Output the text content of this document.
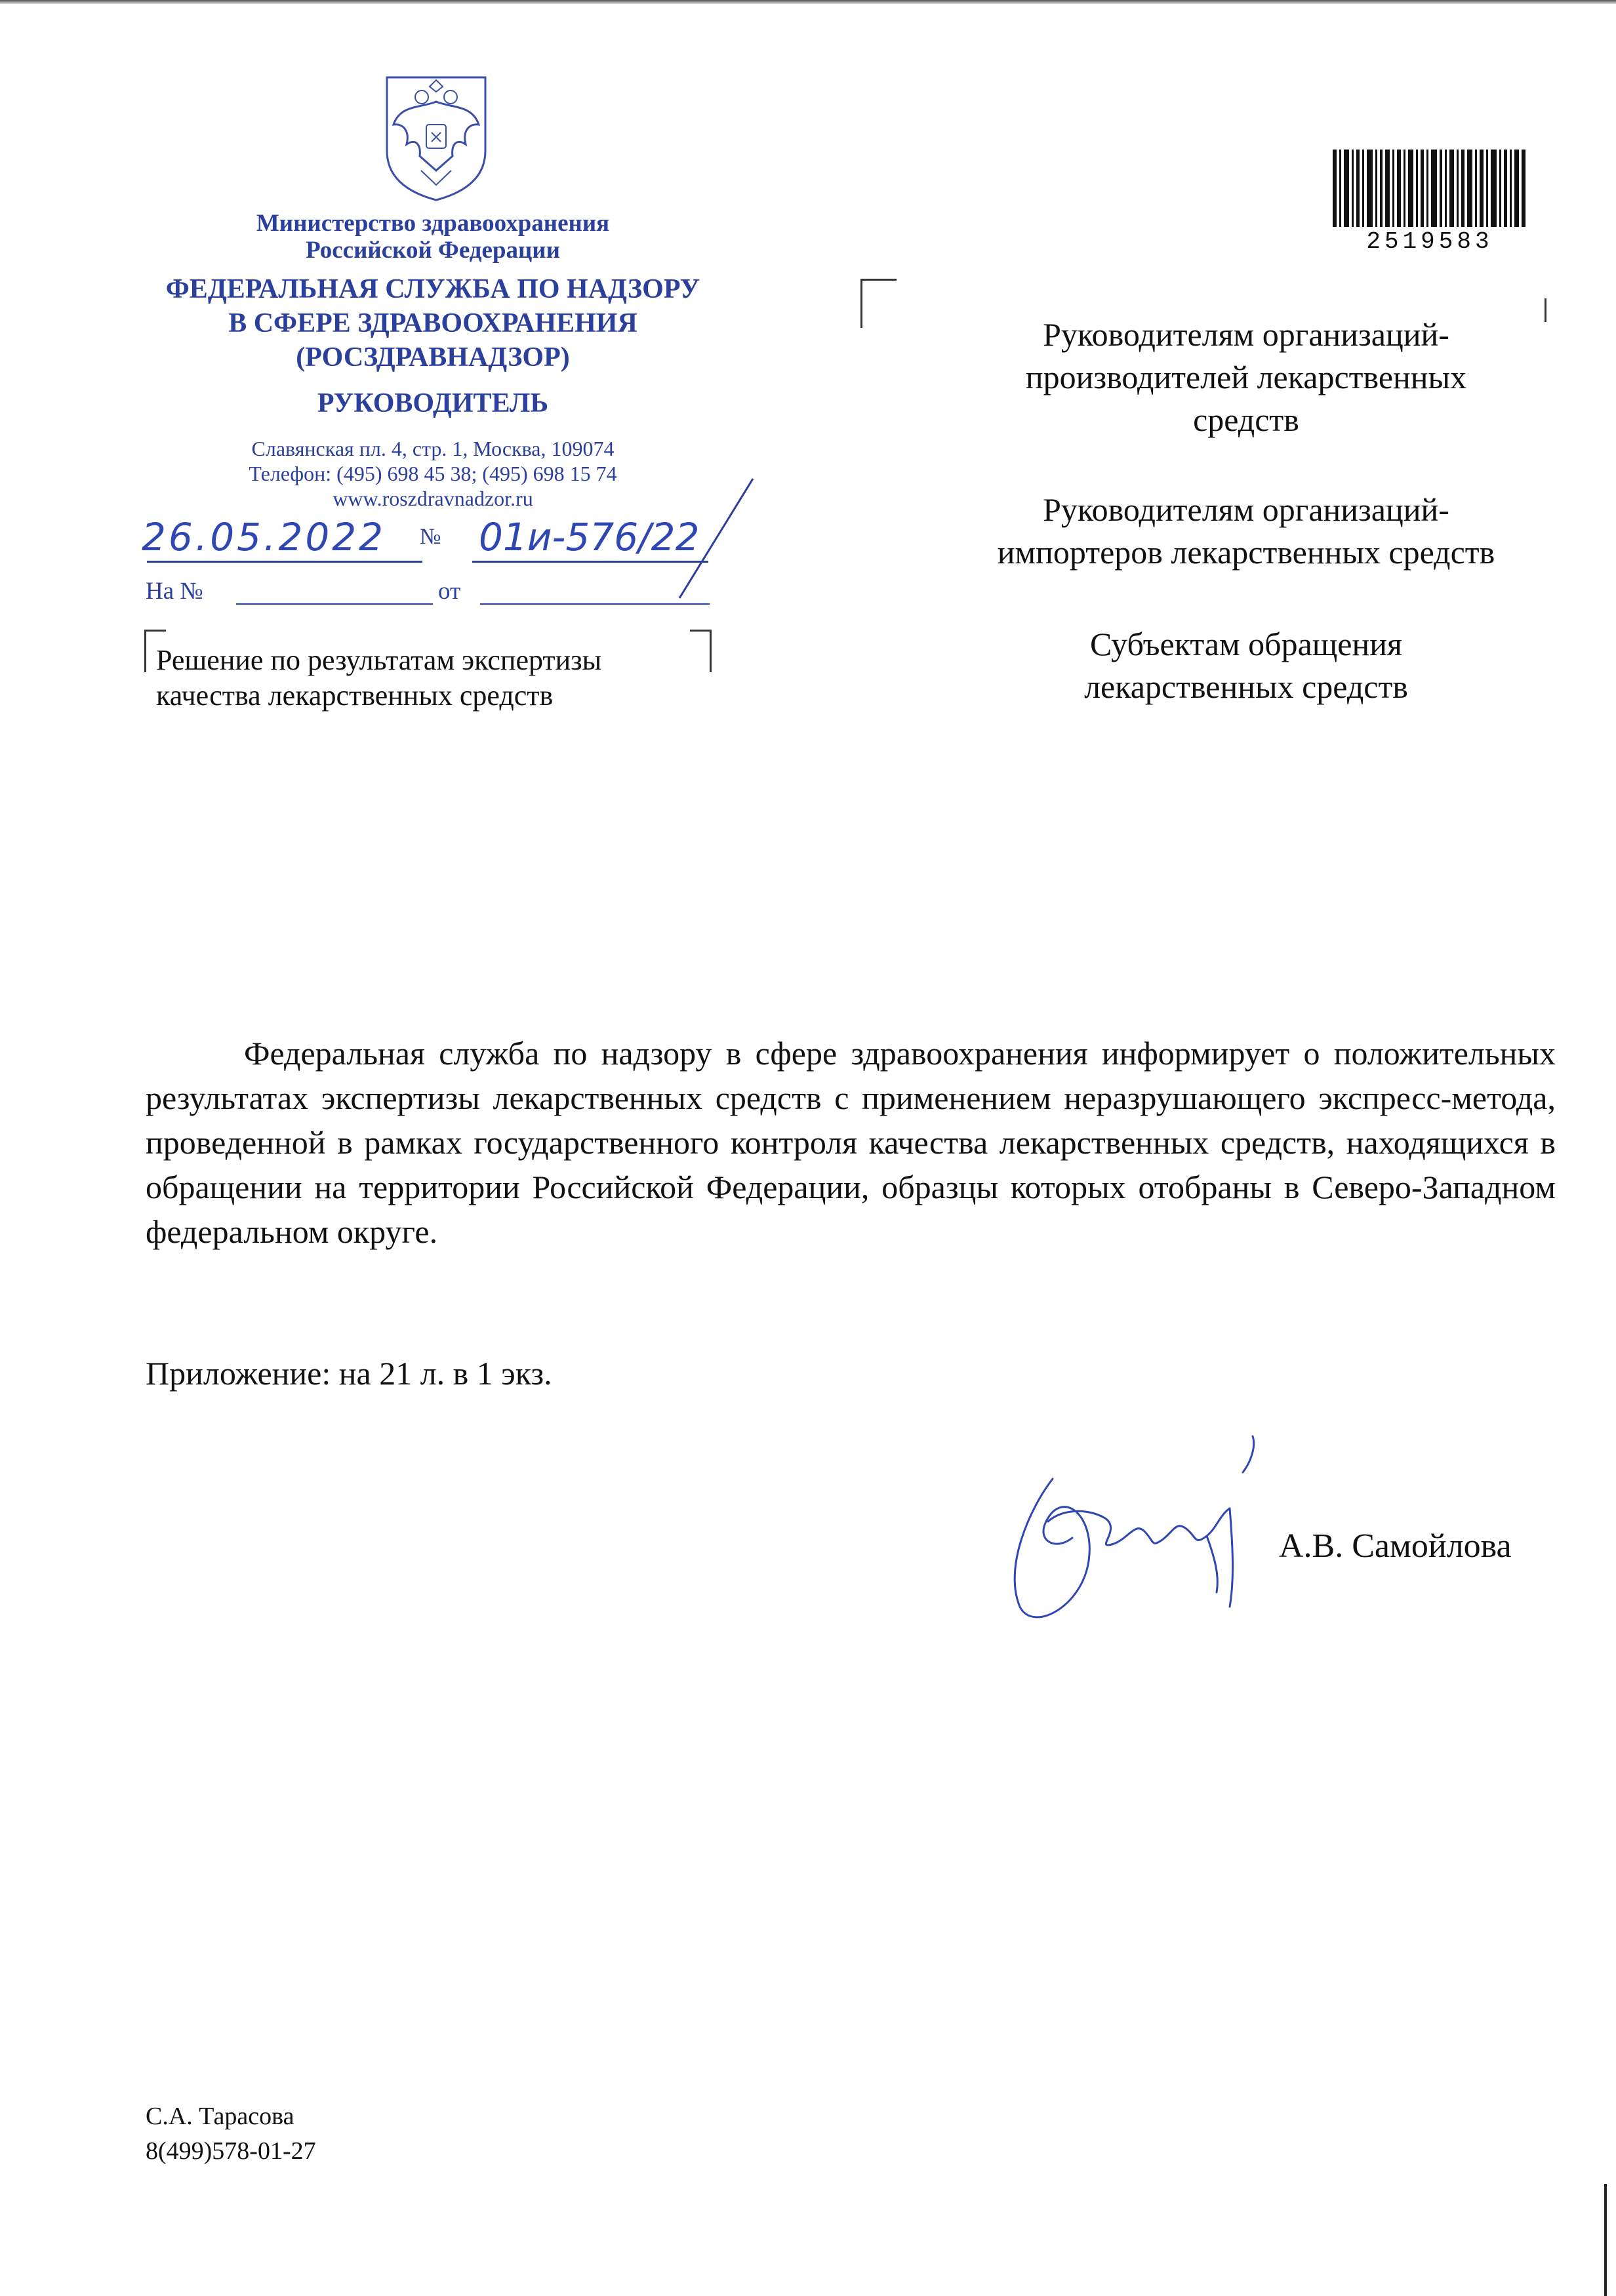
Министерство здравоохранения
Российской Федерации
ФЕДЕРАЛЬНАЯ СЛУЖБА ПО НАДЗОРУ
В СФЕРЕ ЗДРАВООХРАНЕНИЯ
(РОСЗДРАВНАДЗОР)
РУКОВОДИТЕЛЬ
Славянская пл. 4, стр. 1, Москва, 109074
Телефон: (495) 698 45 38; (495) 698 15 74
www.roszdravnadzor.ru
26.05.2022 № 01и-576/22
На №	от
Решение по результатам экспертизы
качества лекарственных средств
2519583
Руководителям организаций-
производителей лекарственных
средств
Руководителям организаций-
импортеров лекарственных средств
Субъектам обращения
лекарственных средств

Федеральная служба по надзору в сфере здравоохранения информирует о положительных результатах экспертизы лекарственных средств с применением неразрушающего экспресс-метода, проведенной в рамках государственного контроля качества лекарственных средств, находящихся в обращении на территории Российской Федерации, образцы которых отобраны в Северо-Западном федеральном округе.

Приложение: на 21 л. в 1 экз.
А.В. Самойлова
С.А. Тарасова
8(499)578-01-27
